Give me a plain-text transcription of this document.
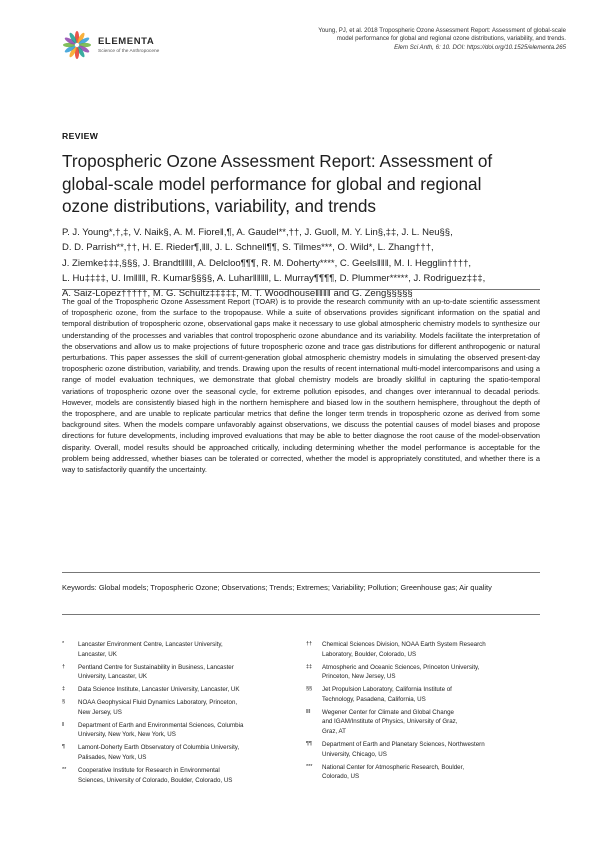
ELEMENTA
Science of the Anthropocene
Young, PJ, et al. 2018 Tropospheric Ozone Assessment Report: Assessment of global-scale
model performance for global and regional ozone distributions, variability, and trends.
Elem Sci Anth, 6: 10. DOI: https://doi.org/10.1525/elementa.265
REVIEW
Tropospheric Ozone Assessment Report: Assessment of
global-scale model performance for global and regional
ozone distributions, variability, and trends
P. J. Young*,†,‡, V. Naik§, A. M. Fiore‖,¶, A. Gaudel**,††, J. Guo‖, M. Y. Lin§,‡‡, J. L. Neu§§,
D. D. Parrish**,††, H. E. Rieder¶,‖‖, J. L. Schnell¶¶, S. Tilmes***, O. Wild*, L. Zhang†††,
J. Ziemke‡‡‡,§§§, J. Brandt‖‖‖, A. Delcloo¶¶¶, R. M. Doherty****, C. Geels‖‖‖, M. I. Hegglin††††,
L. Hu‡‡‡‡, U. Im‖‖‖, R. Kumar§§§§, A. Luhar‖‖‖‖, L. Murray¶¶¶¶, D. Plummer*****, J. Rodriguez‡‡‡,
A. Saiz-Lopez†††††, M. G. Schultz‡‡‡‡‡, M. T. Woodhouse‖‖‖‖ and G. Zeng§§§§§
The goal of the Tropospheric Ozone Assessment Report (TOAR) is to provide the research community with an up-to-date scientific assessment of tropospheric ozone, from the surface to the tropopause. While a suite of observations provides significant information on the spatial and temporal distribution of tropospheric ozone, observational gaps make it necessary to use global atmospheric chemistry models to synthesize our understanding of the processes and variables that control tropospheric ozone abundance and its variability. Models facilitate the interpretation of the observations and allow us to make projections of future tropospheric ozone and trace gas distributions for different anthropogenic or natural perturbations. This paper assesses the skill of current-generation global atmospheric chemistry models in simulating the observed present-day tropospheric ozone distribution, variability, and trends. Drawing upon the results of recent international multi-model intercomparisons and using a range of model evaluation techniques, we demonstrate that global chemistry models are broadly skillful in capturing the spatio-temporal variations of tropospheric ozone over the seasonal cycle, for extreme pollution episodes, and changes over interannual to decadal periods. However, models are consistently biased high in the northern hemisphere and biased low in the southern hemisphere, throughout the depth of the troposphere, and are unable to replicate particular metrics that define the longer term trends in tropospheric ozone as derived from some background sites. When the models compare unfavorably against observations, we discuss the potential causes of model biases and propose directions for future developments, including improved evaluations that may be able to better diagnose the root cause of the model-observation disparity. Overall, model results should be approached critically, including determining whether the model performance is acceptable for the problem being addressed, whether biases can be tolerated or corrected, whether the model is appropriately constituted, and whether there is a way to satisfactorily quantify the uncertainty.
Keywords: Global models; Tropospheric Ozone; Observations; Trends; Extremes; Variability; Pollution; Greenhouse gas; Air quality
*	Lancaster Environment Centre, Lancaster University,
Lancaster, UK
†	Pentland Centre for Sustainability in Business, Lancaster
University, Lancaster, UK
‡	Data Science Institute, Lancaster University, Lancaster, UK
§	NOAA Geophysical Fluid Dynamics Laboratory, Princeton,
New Jersey, US
‖	Department of Earth and Environmental Sciences, Columbia
University, New York, New York, US
¶	Lamont-Doherty Earth Observatory of Columbia University,
Palisades, New York, US
**	Cooperative Institute for Research in Environmental
Sciences, University of Colorado, Boulder, Colorado, US
††	Chemical Sciences Division, NOAA Earth System Research
Laboratory, Boulder, Colorado, US
‡‡	Atmospheric and Oceanic Sciences, Princeton University,
Princeton, New Jersey, US
§§	Jet Propulsion Laboratory, California Institute of
Technology, Pasadena, California, US
‖‖	Wegener Center for Climate and Global Change
and IGAM/Institute of Physics, University of Graz,
Graz, AT
¶¶	Department of Earth and Planetary Sciences, Northwestern
University, Chicago, US
***	National Center for Atmospheric Research, Boulder,
Colorado, US
